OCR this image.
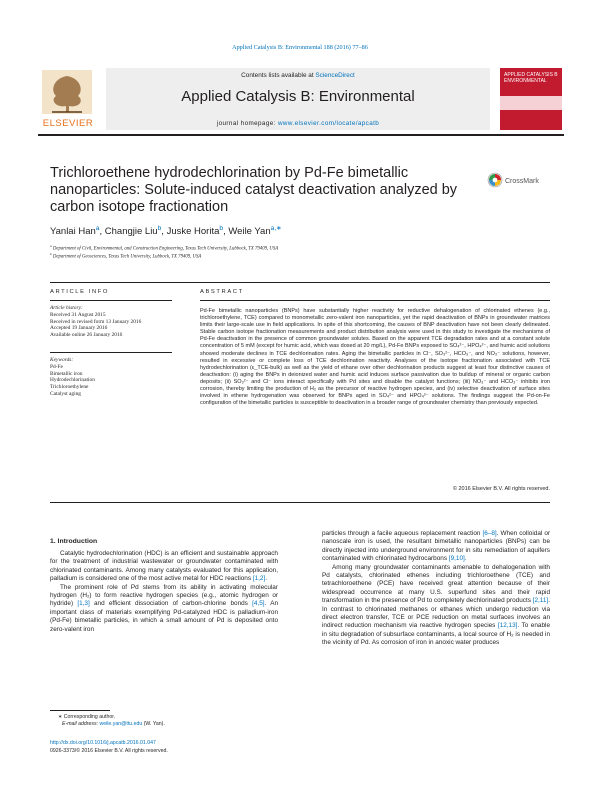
Applied Catalysis B: Environmental 188 (2016) 77–86
ELSEVIER
Contents lists available at ScienceDirect
Applied Catalysis B: Environmental
journal homepage: www.elsevier.com/locate/apcatb
APPLIED CATALYSIS B ENVIRONMENTAL
Trichloroethene hydrodechlorination by Pd-Fe bimetallic nanoparticles: Solute-induced catalyst deactivation analyzed by carbon isotope fractionation
CrossMark
Yanlai Han$^a$, Changjie Liu$^b$, Juske Horita$^b$, Weile Yan$^{a,∗}$
$^a$ Department of Civil, Environmental, and Construction Engineering, Texas Tech University, Lubbock, TX 79409, USA
$^b$ Department of Geosciences, Texas Tech University, Lubbock, TX 79409, USA
ARTICLE INFO
Article history:
Received 31 August 2015
Received in revised form 13 January 2016
Accepted 19 January 2016
Available online 26 January 2016
Keywords:
Pd-Fe
Bimetallic iron
Hydrodechlorination
Trichloroethylene
Catalyst aging
ABSTRACT
Pd-Fe bimetallic nanoparticles (BNPs) have substantially higher reactivity for reductive dehalogenation of chlorinated ethenes (e.g., trichloroethylene, TCE) compared to monometallic zero-valent iron nanoparticles, yet the rapid deactivation of BNPs in groundwater matrices limits their large-scale use in field applications. In spite of this shortcoming, the causes of BNP deactivation have not been clearly delineated. Stable carbon isotope fractionation measurements and product distribution analysis were used in this study to investigate the mechanisms of Pd-Fe deactivation in the presence of common groundwater solutes. Based on the apparent TCE degradation rates and at a constant solute concentration of 5 mM (except for humic acid, which was dosed at 20 mg/L), Pd-Fe BNPs exposed to SO₄²⁻, HPO₄²⁻, and humic acid solutions showed moderate declines in TCE dechlorination rates. Aging the bimetallic particles in Cl⁻, SO₃²⁻, HCO₃⁻, and NO₃⁻ solutions, however, resulted in excessive or complete loss of TCE dechlorination reactivity. Analyses of the isotope fractionation associated with TCE hydrodechlorination (ε_TCE-bulk) as well as the yield of ethane over other dechlorination products suggest at least four distinctive causes of deactivation: (i) aging the BNPs in deionized water and humic acid induces surface passivation due to buildup of mineral or organic carbon deposits; (ii) SO₃²⁻ and Cl⁻ ions interact specifically with Pd sites and disable the catalyst functions; (iii) NO₃⁻ and HCO₃⁻ inhibits iron corrosion, thereby limiting the production of H₂ as the precursor of reactive hydrogen species, and (iv) selective deactivation of surface sites involved in ethene hydrogenation was observed for BNPs aged in SO₄²⁻ and HPO₄²⁻ solutions. The findings suggest the Pd-on-Fe configuration of the bimetallic particles is susceptible to deactivation in a broader range of groundwater chemistry than previously expected.
© 2016 Elsevier B.V. All rights reserved.
1. Introduction

Catalytic hydrodechlorination (HDC) is an efficient and sustainable approach for the treatment of industrial wastewater or groundwater contaminated with chlorinated contaminants. Among many catalysts evaluated for this application, palladium is considered one of the most active metal for HDC reactions [1,2].

The prominent role of Pd stems from its ability in activating molecular hydrogen (H₂) to form reactive hydrogen species (e.g., atomic hydrogen or hydride) [1,3] and efficient dissociation of carbon-chlorine bonds [4,5]. An important class of materials exemplifying Pd-catalyzed HDC is palladium-iron (Pd-Fe) bimetallic particles, in which a small amount of Pd is deposited onto zero-valent iron

particles through a facile aqueous replacement reaction [6–8]. When colloidal or nanoscale iron is used, the resultant bimetallic nanoparticles (BNPs) can be directly injected into underground environment for in situ remediation of aquifers contaminated with chlorinated hydrocarbons [9,10].

Among many groundwater contaminants amenable to dehalogenation with Pd catalysts, chlorinated ethenes including trichloroethene (TCE) and tetrachloroethene (PCE) have received great attention because of their widespread occurrence at many U.S. superfund sites and their rapid transformation in the presence of Pd to completely dechlorinated products [2,11]. In contrast to chlorinated methanes or ethanes which undergo reduction via direct electron transfer, TCE or PCE reduction on metal surfaces involves an indirect reduction mechanism via reactive hydrogen species [12,13]. To enable in situ degradation of subsurface contaminants, a local source of H₂ is needed in the vicinity of Pd. As corrosion of iron in anoxic water produces

∗ Corresponding author.
E-mail address: weile.yan@ttu.edu (W. Yan).
http://dx.doi.org/10.1016/j.apcatb.2016.01.047
0926-3373/© 2016 Elsevier B.V. All rights reserved.
